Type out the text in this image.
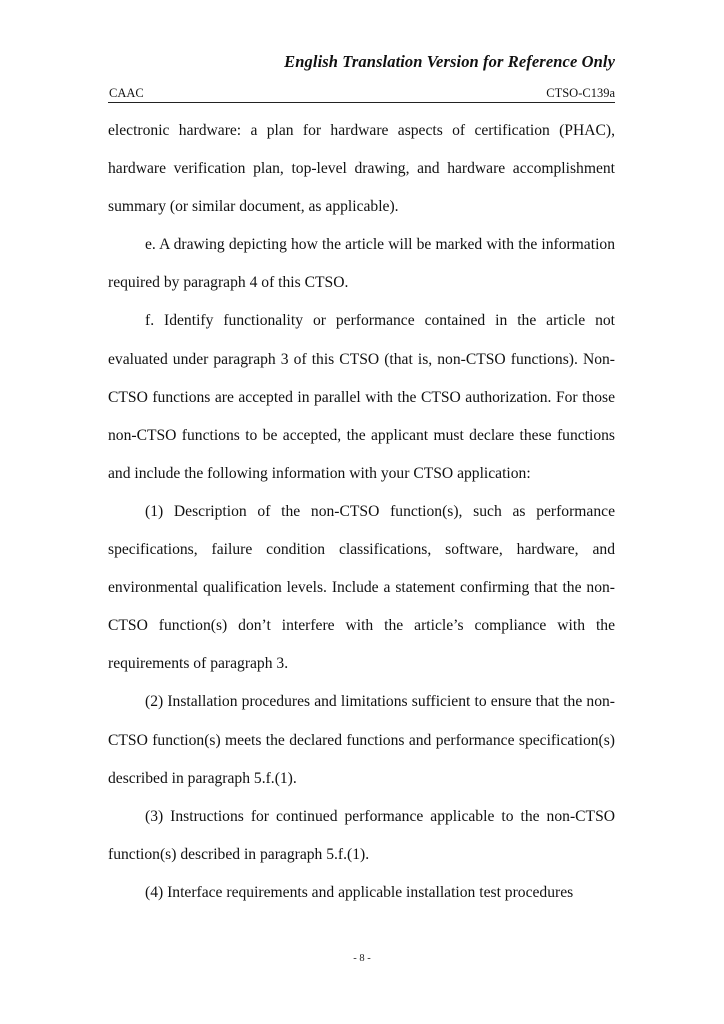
English Translation Version for Reference Only
CAAC	CTSO-C139a

electronic hardware: a plan for hardware aspects of certification (PHAC), hardware verification plan, top-level drawing, and hardware accomplishment summary (or similar document, as applicable).

e. A drawing depicting how the article will be marked with the information required by paragraph 4 of this CTSO.

f. Identify functionality or performance contained in the article not evaluated under paragraph 3 of this CTSO (that is, non-CTSO functions). Non-CTSO functions are accepted in parallel with the CTSO authorization. For those non-CTSO functions to be accepted, the applicant must declare these functions and include the following information with your CTSO application:

(1) Description of the non-CTSO function(s), such as performance specifications, failure condition classifications, software, hardware, and environmental qualification levels. Include a statement confirming that the non-CTSO function(s) don’t interfere with the article’s compliance with the requirements of paragraph 3.

(2) Installation procedures and limitations sufficient to ensure that the non-CTSO function(s) meets the declared functions and performance specification(s) described in paragraph 5.f.(1).

(3) Instructions for continued performance applicable to the non-CTSO function(s) described in paragraph 5.f.(1).

(4) Interface requirements and applicable installation test procedures

- 8 -
